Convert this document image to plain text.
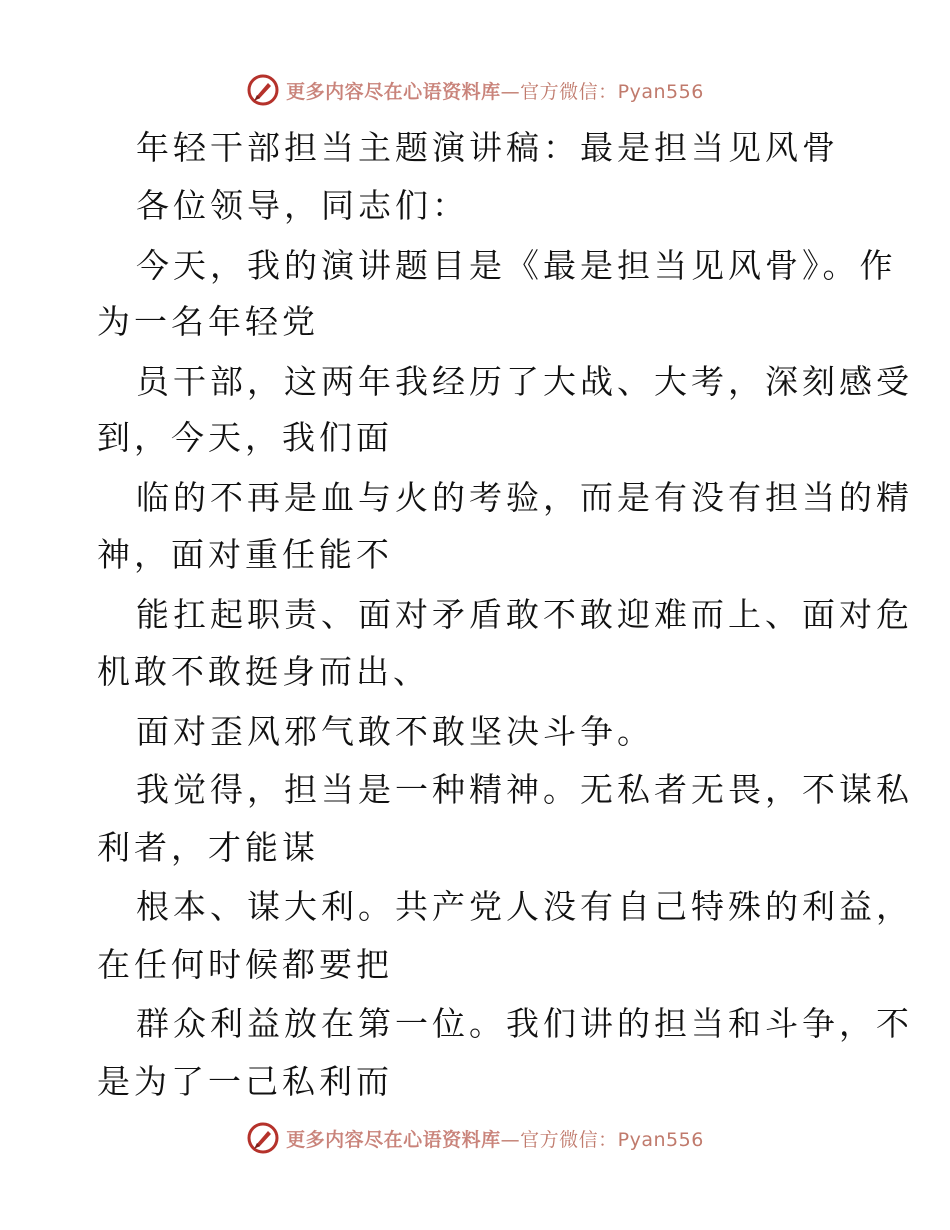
更多内容尽在心语资料库—官方微信：Pyan556
年轻干部担当主题演讲稿：最是担当见风骨
各位领导，同志们：
今天，我的演讲题目是《最是担当见风骨》。作
为一名年轻党
员干部，这两年我经历了大战、大考，深刻感受
到，今天，我们面
临的不再是血与火的考验，而是有没有担当的精
神，面对重任能不
能扛起职责、面对矛盾敢不敢迎难而上、面对危
机敢不敢挺身而出、
面对歪风邪气敢不敢坚决斗争。
我觉得，担当是一种精神。无私者无畏，不谋私
利者，才能谋
根本、谋大利。共产党人没有自己特殊的利益，
在任何时候都要把
群众利益放在第一位。我们讲的担当和斗争，不
是为了一己私利而
更多内容尽在心语资料库—官方微信：Pyan556
